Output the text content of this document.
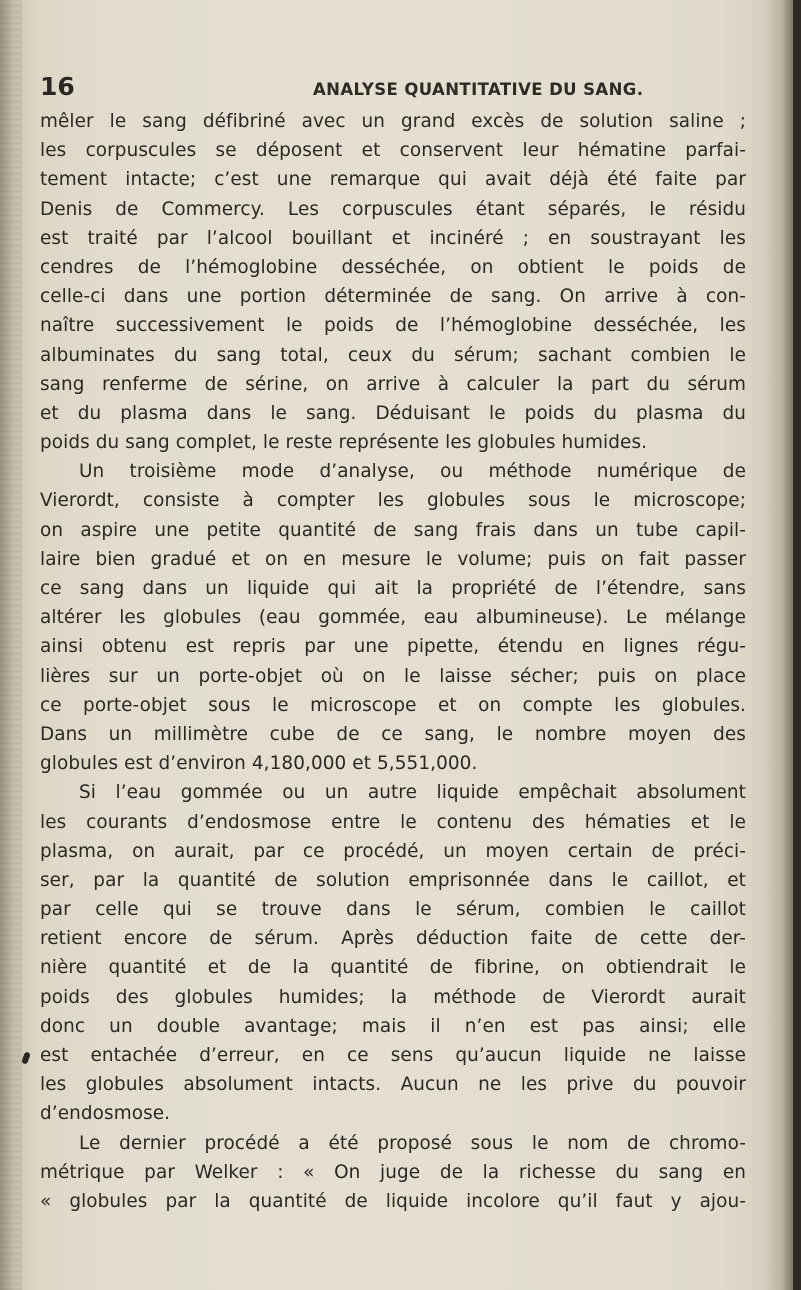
16	ANALYSE QUANTITATIVE DU SANG.
mêler le sang défibriné avec un grand excès de solution saline ;
les corpuscules se déposent et conservent leur hématine parfai-
tement intacte; c’est une remarque qui avait déjà été faite par
Denis de Commercy. Les corpuscules étant séparés, le résidu
est traité par l’alcool bouillant et incinéré ; en soustrayant les
cendres de l’hémoglobine desséchée, on obtient le poids de
celle-ci dans une portion déterminée de sang. On arrive à con-
naître successivement le poids de l’hémoglobine desséchée, les
albuminates du sang total, ceux du sérum; sachant combien le
sang renferme de sérine, on arrive à calculer la part du sérum
et du plasma dans le sang. Déduisant le poids du plasma du
poids du sang complet, le reste représente les globules humides.
Un troisième mode d’analyse, ou méthode numérique de
Vierordt, consiste à compter les globules sous le microscope;
on aspire une petite quantité de sang frais dans un tube capil-
laire bien gradué et on en mesure le volume; puis on fait passer
ce sang dans un liquide qui ait la propriété de l’étendre, sans
altérer les globules (eau gommée, eau albumineuse). Le mélange
ainsi obtenu est repris par une pipette, étendu en lignes régu-
lières sur un porte-objet où on le laisse sécher; puis on place
ce porte-objet sous le microscope et on compte les globules.
Dans un millimètre cube de ce sang, le nombre moyen des
globules est d’environ 4,180,000 et 5,551,000.
Si l’eau gommée ou un autre liquide empêchait absolument
les courants d’endosmose entre le contenu des hématies et le
plasma, on aurait, par ce procédé, un moyen certain de préci-
ser, par la quantité de solution emprisonnée dans le caillot, et
par celle qui se trouve dans le sérum, combien le caillot
retient encore de sérum. Après déduction faite de cette der-
nière quantité et de la quantité de fibrine, on obtiendrait le
poids des globules humides; la méthode de Vierordt aurait
donc un double avantage; mais il n’en est pas ainsi; elle
est entachée d’erreur, en ce sens qu’aucun liquide ne laisse
les globules absolument intacts. Aucun ne les prive du pouvoir
d’endosmose.
Le dernier procédé a été proposé sous le nom de chromo-
métrique par Welker : « On juge de la richesse du sang en
« globules par la quantité de liquide incolore qu’il faut y ajou-
